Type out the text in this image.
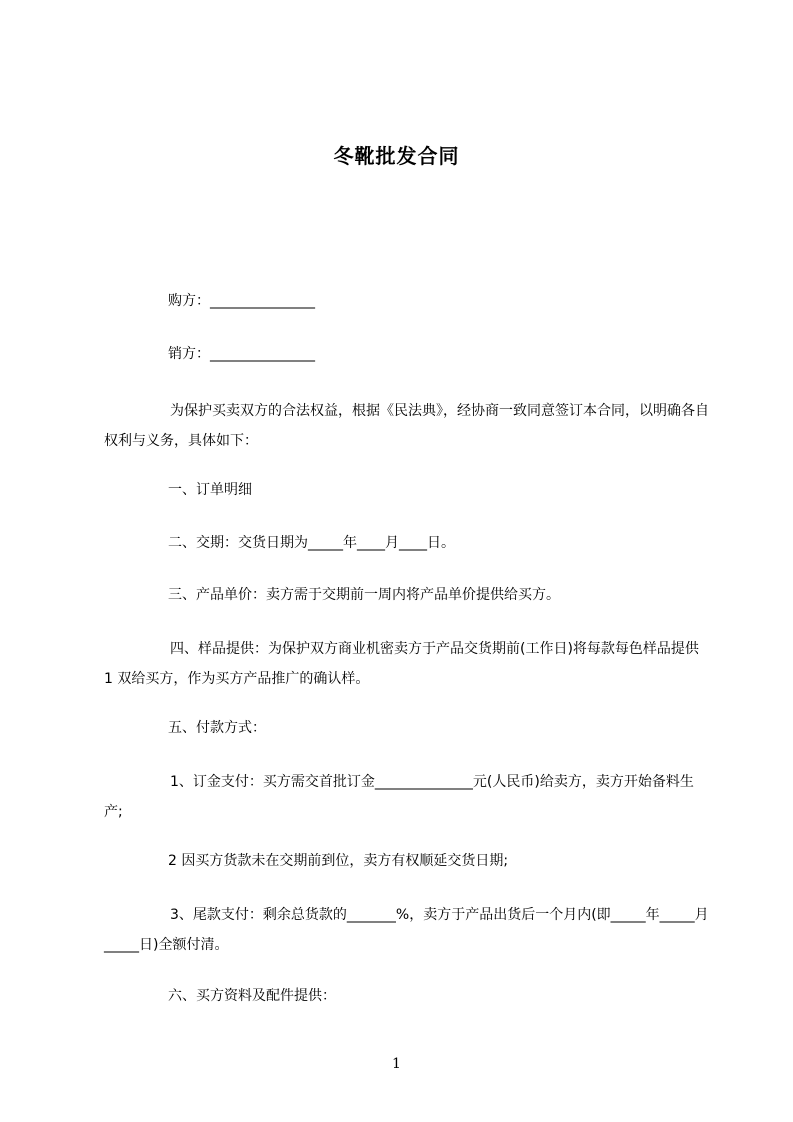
冬靴批发合同
购方：_______________
销方：_______________
为保护买卖双方的合法权益，根据《民法典》，经协商一致同意签订本合同，以明确各自权利与义务，具体如下：
一、订单明细
二、交期：交货日期为_____年____月____日。
三、产品单价：卖方需于交期前一周内将产品单价提供给买方。
四、样品提供：为保护双方商业机密卖方于产品交货期前(工作日)将每款每色样品提供 1 双给买方，作为买方产品推广的确认样。
五、付款方式：
1、订金支付：买方需交首批订金______________元(人民币)给卖方，卖方开始备料生产;
2 因买方货款未在交期前到位，卖方有权顺延交货日期;
3、尾款支付：剩余总货款的_______%，卖方于产品出货后一个月内(即_____年_____月_____日)全额付清。
六、买方资料及配件提供：
1
